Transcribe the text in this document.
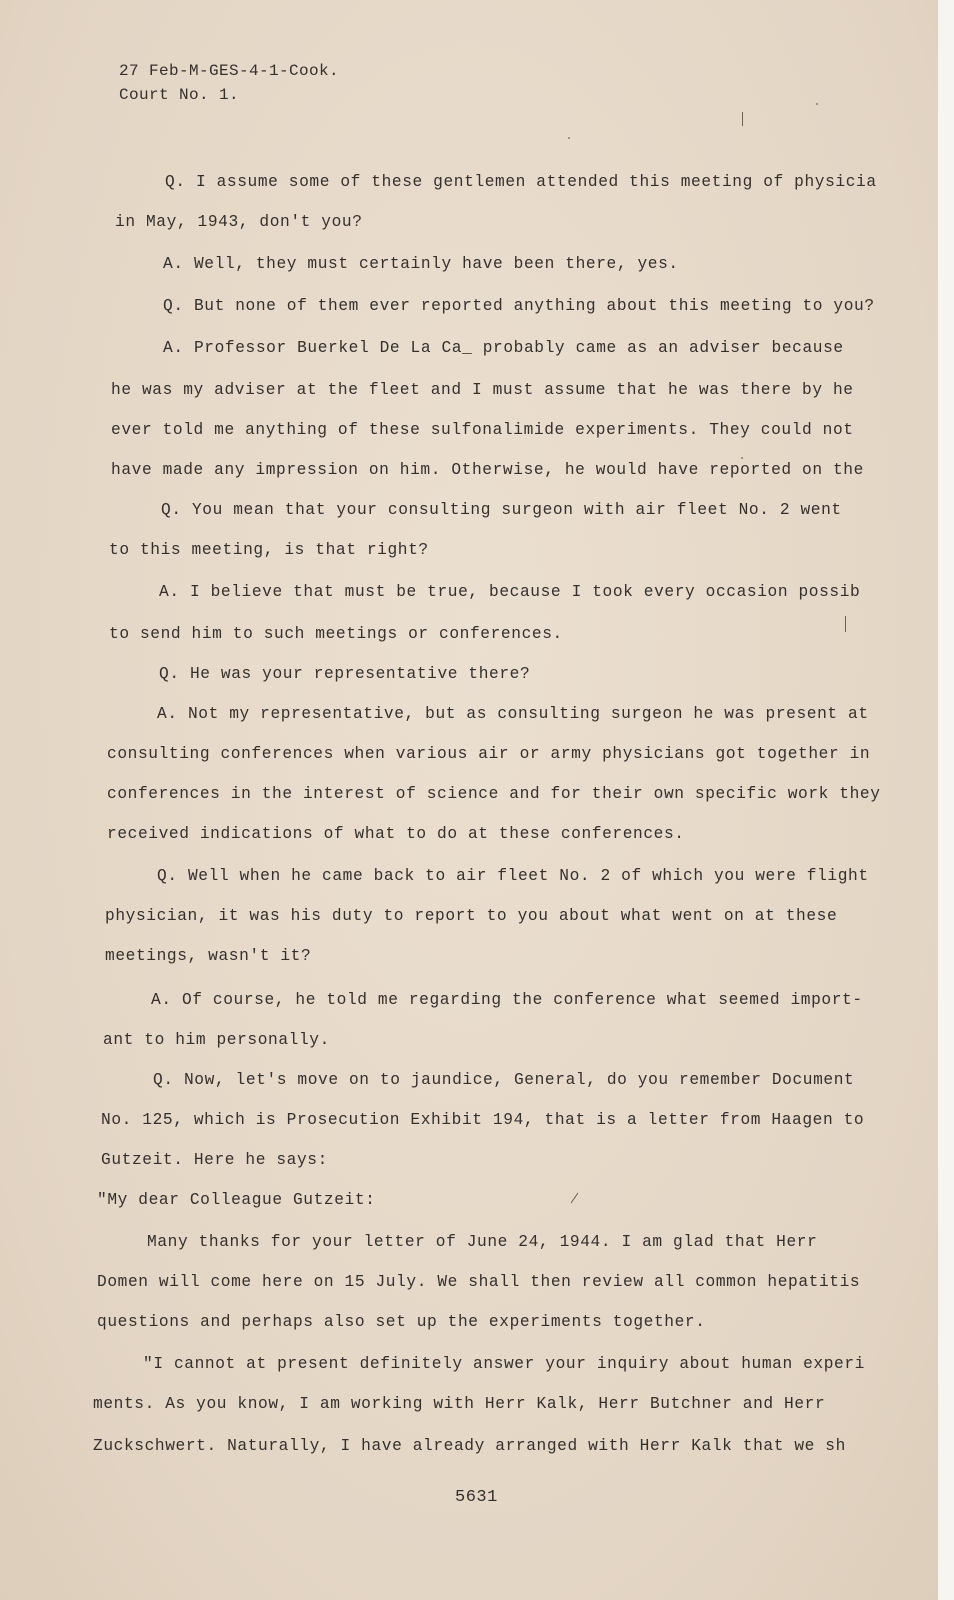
27 Feb-M-GES-4-1-Cook.
Court No. 1.
Q. I assume some of these gentlemen attended this meeting of physicia
in May, 1943, don't you?
A. Well, they must certainly have been there, yes.
Q. But none of them ever reported anything about this meeting to you?
A. Professor Buerkel De La Ca_ probably came as an adviser because
he was my adviser at the fleet and I must assume that he was there by he
ever told me anything of these sulfonalimide experiments. They could not
have made any impression on him. Otherwise, he would have reported on the
Q. You mean that your consulting surgeon with air fleet No. 2 went
to this meeting, is that right?
A. I believe that must be true, because I took every occasion possib
to send him to such meetings or conferences.
Q. He was your representative there?
A. Not my representative, but as consulting surgeon he was present at
consulting conferences when various air or army physicians got together in
conferences in the interest of science and for their own specific work they
received indications of what to do at these conferences.
Q. Well when he came back to air fleet No. 2 of which you were flight
physician, it was his duty to report to you about what went on at these
meetings, wasn't it?
A. Of course, he told me regarding the conference what seemed import-
ant to him personally.
Q. Now, let's move on to jaundice, General, do you remember Document
No. 125, which is Prosecution Exhibit 194, that is a letter from Haagen to
Gutzeit. Here he says:
"My dear Colleague Gutzeit:
Many thanks for your letter of June 24, 1944. I am glad that Herr
Domen will come here on 15 July. We shall then review all common hepatitis
questions and perhaps also set up the experiments together.
"I cannot at present definitely answer your inquiry about human experi
ments. As you know, I am working with Herr Kalk, Herr Butchner and Herr
Zuckschwert. Naturally, I have already arranged with Herr Kalk that we sh
5631
